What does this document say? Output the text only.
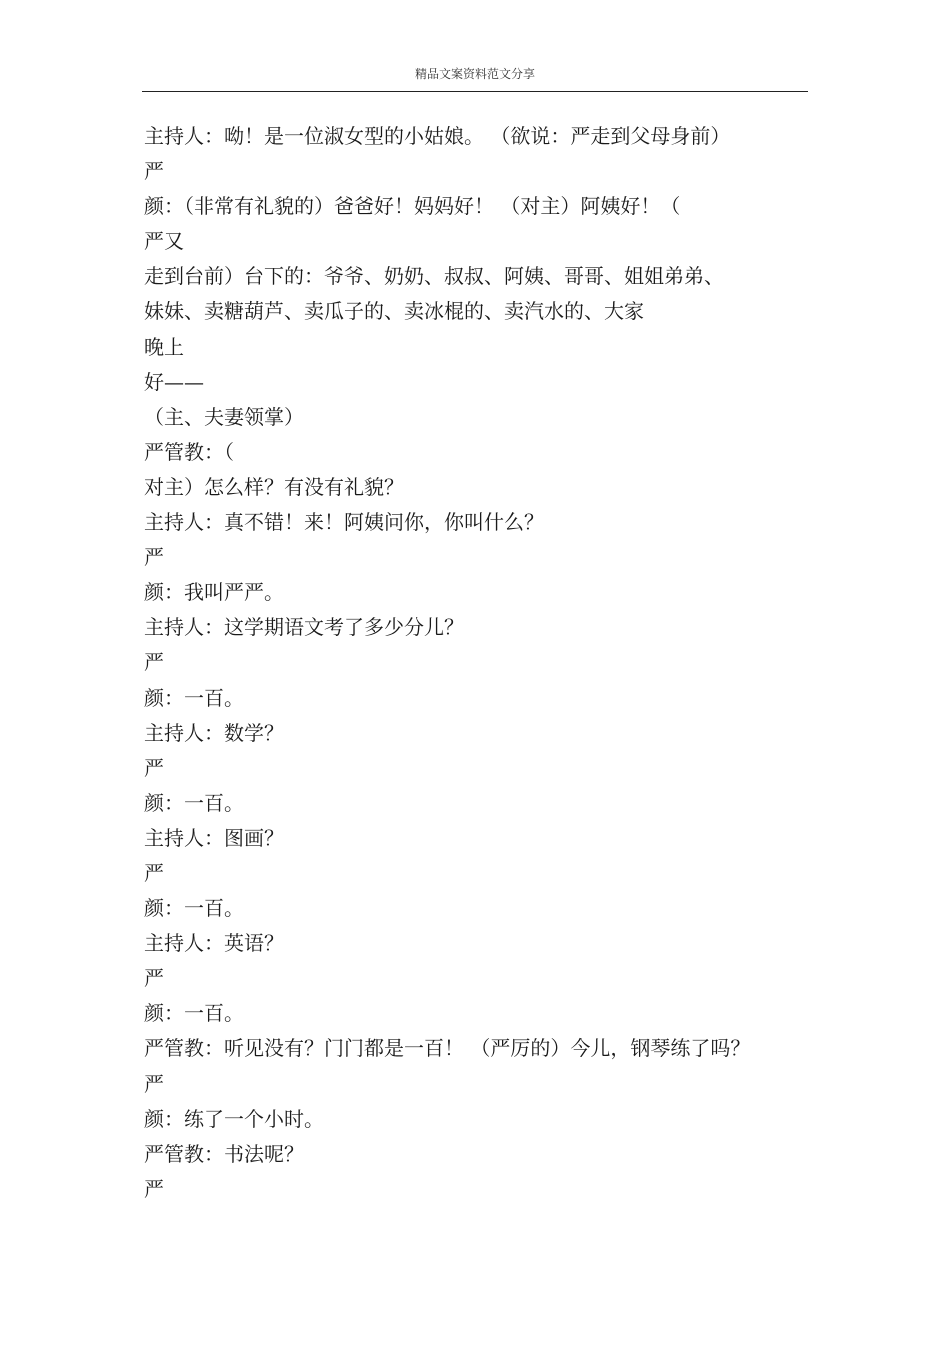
精品文案资料范文分享
主持人：呦！是一位淑女型的小姑娘。 （欲说：严走到父母身前）
严
颜：（非常有礼貌的）爸爸好！妈妈好！ （对主）阿姨好！（
严又
走到台前）台下的：爷爷、奶奶、叔叔、阿姨、哥哥、姐姐弟弟、
妹妹、卖糖葫芦、卖瓜子的、卖冰棍的、卖汽水的、大家
晚上
好——
（主、夫妻领掌）
严管教：（
对主）怎么样？有没有礼貌？
主持人：真不错！来！阿姨问你，你叫什么？
严
颜：我叫严严。
主持人：这学期语文考了多少分儿？
严
颜：一百。
主持人：数学？
严
颜：一百。
主持人：图画？
严
颜：一百。
主持人：英语？
严
颜：一百。
严管教：听见没有？门门都是一百！ （严厉的）今儿，钢琴练了吗？
严
颜：练了一个小时。
严管教：书法呢？
严
